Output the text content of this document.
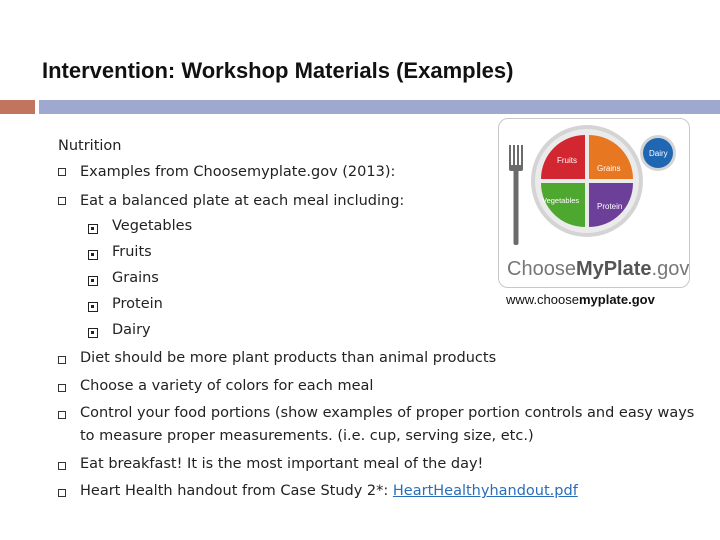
Intervention: Workshop Materials (Examples)
Nutrition
Examples from Choosemyplate.gov (2013):
Eat a balanced plate at each meal including:
Vegetables
Fruits
Grains
Protein
Dairy
Diet should be more plant products than animal products
Choose a variety of colors for each meal
Control your food portions (show examples of proper portion controls and easy ways to measure proper measurements. (i.e. cup, serving size, etc.)
Eat breakfast! It is the most important meal of the day!
Heart Health handout from Case Study 2*: HeartHealthyhandout.pdf
Fruits
Grains
Vegetables
Protein
Dairy
ChooseMyPlate.gov
www.choosemyplate.gov
